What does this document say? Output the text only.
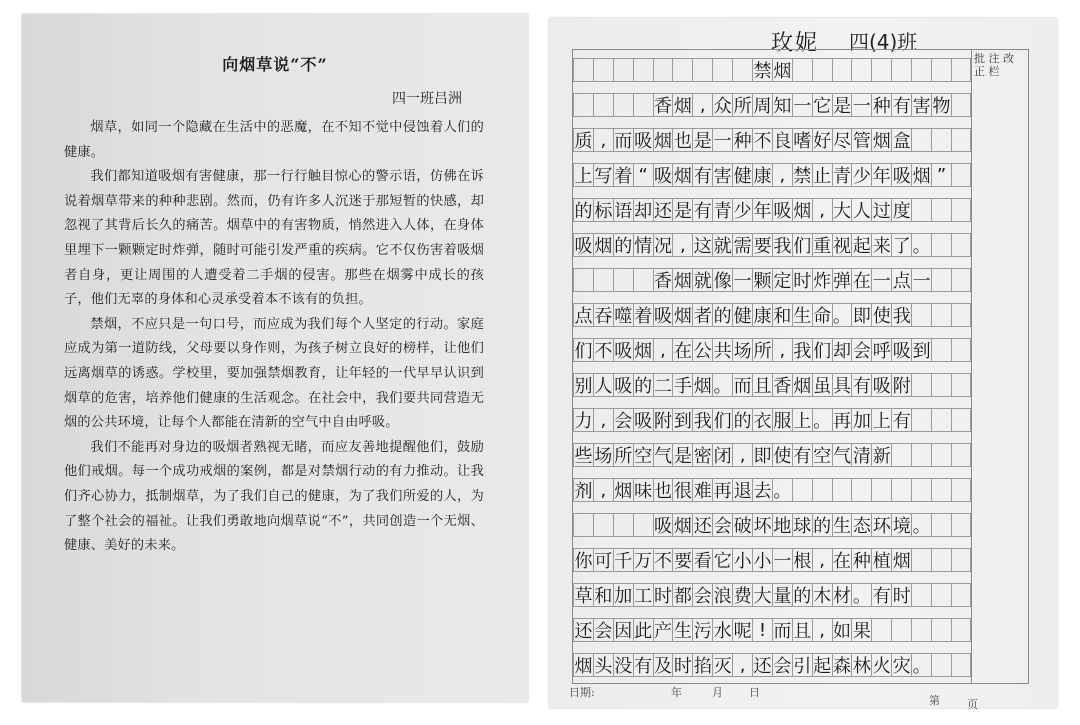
向烟草说“不”
四一班吕洲

烟草，如同一个隐藏在生活中的恶魔，在不知不觉中侵蚀着人们的健康。

我们都知道吸烟有害健康，那一行行触目惊心的警示语，仿佛在诉说着烟草带来的种种悲剧。然而，仍有许多人沉迷于那短暂的快感，却忽视了其背后长久的痛苦。烟草中的有害物质，悄然进入人体，在身体里埋下一颗颗定时炸弹，随时可能引发严重的疾病。它不仅伤害着吸烟者自身，更让周围的人遭受着二手烟的侵害。那些在烟雾中成长的孩子，他们无辜的身体和心灵承受着本不该有的负担。

禁烟，不应只是一句口号，而应成为我们每个人坚定的行动。家庭应成为第一道防线，父母要以身作则，为孩子树立良好的榜样，让他们远离烟草的诱惑。学校里，要加强禁烟教育，让年轻的一代早早认识到烟草的危害，培养他们健康的生活观念。在社会中，我们要共同营造无烟的公共环境，让每个人都能在清新的空气中自由呼吸。

我们不能再对身边的吸烟者熟视无睹，而应友善地提醒他们，鼓励他们戒烟。每一个成功戒烟的案例，都是对禁烟行动的有力推动。让我们齐心协力，抵制烟草，为了我们自己的健康，为了我们所爱的人，为了整个社会的福祉。让我们勇敢地向烟草说“不”，共同创造一个无烟、健康、美好的未来。

玫妮 四(4)班
禁 烟
香 烟 , 众 所 周 知 一 它 是 一 种 有 害 物
质 , 而 吸 烟 也 是 一 种 不 良 嗜 好 尽 管 烟 盒
上 写 着 “ 吸 烟 有 害 健 康 , 禁 止 青 少 年 吸 烟 ”
的 标 语 却 还 是 有 青 少 年 吸 烟 , 大 人 过 度
吸 烟 的 情 况 , 这 就 需 要 我 们 重 视 起 来 了 。
香 烟 就 像 一 颗 定 时 炸 弹 在 一 点 一
点 吞 噬 着 吸 烟 者 的 健 康 和 生 命 。 即 使 我
们 不 吸 烟 , 在 公 共 场 所 , 我 们 却 会 呼 吸 到
别 人 吸 的 二 手 烟 。 而 且 香 烟 虽 具 有 吸 附
力 , 会 吸 附 到 我 们 的 衣 服 上 。 再 加 上 有
些 场 所 空 气 是 密 闭 , 即 使 有 空 气 清 新
剂 , 烟 味 也 很 难 再 退 去 。
吸 烟 还 会 破 坏 地 球 的 生 态 环 境 。
你 可 千 万 不 要 看 它 小 小 一 根 , 在 种 植 烟
草 和 加 工 时 都 会 浪 费 大 量 的 木 材 。 有 时
还 会 因 此 产 生 污 水 呢 ! 而 且 , 如 果
烟 头 没 有 及 时 掐 灭 , 还 会 引 起 森 林 火 灾 。
批 注 改 正 栏
日期:	年	月 日
第 页
